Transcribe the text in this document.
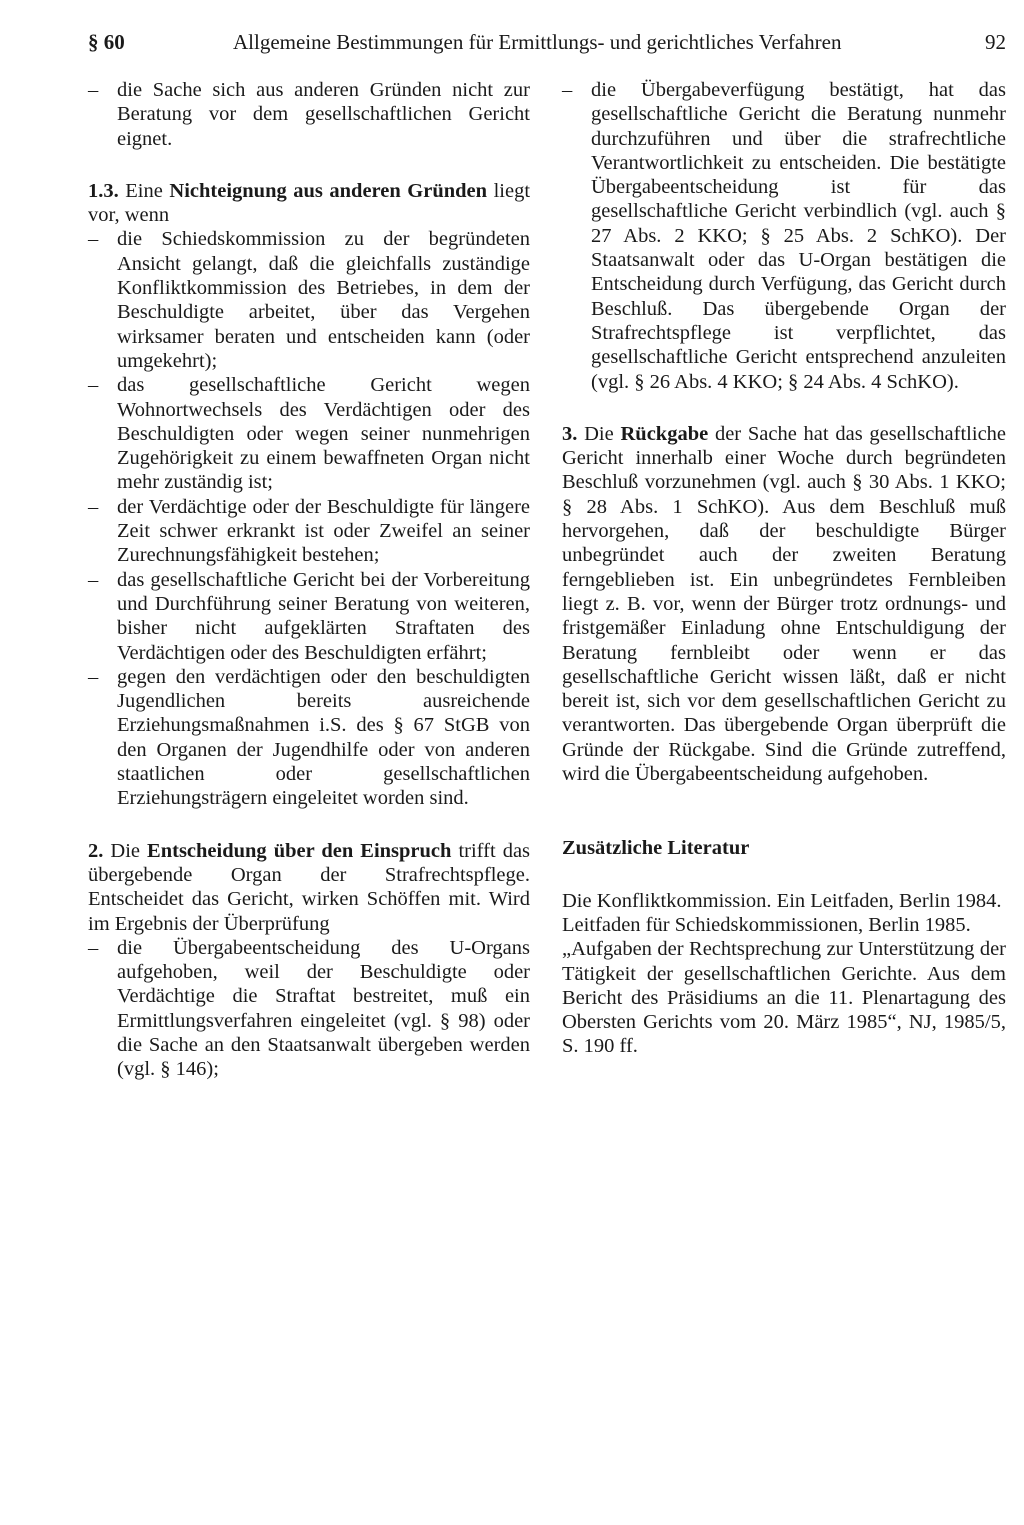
§ 60	Allgemeine Bestimmungen für Ermittlungs- und gerichtliches Verfahren	92
– die Sache sich aus anderen Gründen nicht zur Beratung vor dem gesellschaftlichen Gericht eignet.

1.3. Eine Nichteignung aus anderen Gründen liegt vor, wenn

– die Schiedskommission zu der begründeten Ansicht gelangt, daß die gleichfalls zuständige Konfliktkommission des Betriebes, in dem der Beschuldigte arbeitet, über das Vergehen wirksamer beraten und entscheiden kann (oder umgekehrt);
– das gesellschaftliche Gericht wegen Wohnortwechsels des Verdächtigen oder des Beschuldigten oder wegen seiner nunmehrigen Zugehörigkeit zu einem bewaffneten Organ nicht mehr zuständig ist;
– der Verdächtige oder der Beschuldigte für längere Zeit schwer erkrankt ist oder Zweifel an seiner Zurechnungsfähigkeit bestehen;
– das gesellschaftliche Gericht bei der Vorbereitung und Durchführung seiner Beratung von weiteren, bisher nicht aufgeklärten Straftaten des Verdächtigen oder des Beschuldigten erfährt;
– gegen den verdächtigen oder den beschuldigten Jugendlichen bereits ausreichende Erziehungsmaßnahmen i.S. des § 67 StGB von den Organen der Jugendhilfe oder von anderen staatlichen oder gesellschaftlichen Erziehungsträgern eingeleitet worden sind.

2. Die Entscheidung über den Einspruch trifft das übergebende Organ der Strafrechtspflege. Entscheidet das Gericht, wirken Schöffen mit. Wird im Ergebnis der Überprüfung

– die Übergabeentscheidung des U-Organs aufgehoben, weil der Beschuldigte oder Verdächtige die Straftat bestreitet, muß ein Ermittlungsverfahren eingeleitet (vgl. § 98) oder die Sache an den Staatsanwalt übergeben werden (vgl. § 146);
– die Übergabeverfügung bestätigt, hat das gesellschaftliche Gericht die Beratung nunmehr durchzuführen und über die strafrechtliche Verantwortlichkeit zu entscheiden. Die bestätigte Übergabeentscheidung ist für das gesellschaftliche Gericht verbindlich (vgl. auch § 27 Abs. 2 KKO; § 25 Abs. 2 SchKO). Der Staatsanwalt oder das U-Organ bestätigen die Entscheidung durch Verfügung, das Gericht durch Beschluß. Das übergebende Organ der Strafrechtspflege ist verpflichtet, das gesellschaftliche Gericht entsprechend anzuleiten (vgl. § 26 Abs. 4 KKO; § 24 Abs. 4 SchKO).

3. Die Rückgabe der Sache hat das gesellschaftliche Gericht innerhalb einer Woche durch begründeten Beschluß vorzunehmen (vgl. auch § 30 Abs. 1 KKO; § 28 Abs. 1 SchKO). Aus dem Beschluß muß hervorgehen, daß der beschuldigte Bürger unbegründet auch der zweiten Beratung ferngeblieben ist. Ein unbegründetes Fernbleiben liegt z. B. vor, wenn der Bürger trotz ordnungs- und fristgemäßer Einladung ohne Entschuldigung der Beratung fernbleibt oder wenn er das gesellschaftliche Gericht wissen läßt, daß er nicht bereit ist, sich vor dem gesellschaftlichen Gericht zu verantworten. Das übergebende Organ überprüft die Gründe der Rückgabe. Sind die Gründe zutreffend, wird die Übergabeentscheidung aufgehoben.

Zusätzliche Literatur

Die Konfliktkommission. Ein Leitfaden, Berlin 1984.

Leitfaden für Schiedskommissionen, Berlin 1985.

„Aufgaben der Rechtsprechung zur Unterstützung der Tätigkeit der gesellschaftlichen Gerichte. Aus dem Bericht des Präsidiums an die 11. Plenartagung des Obersten Gerichts vom 20. März 1985“, NJ, 1985/5, S. 190 ff.
